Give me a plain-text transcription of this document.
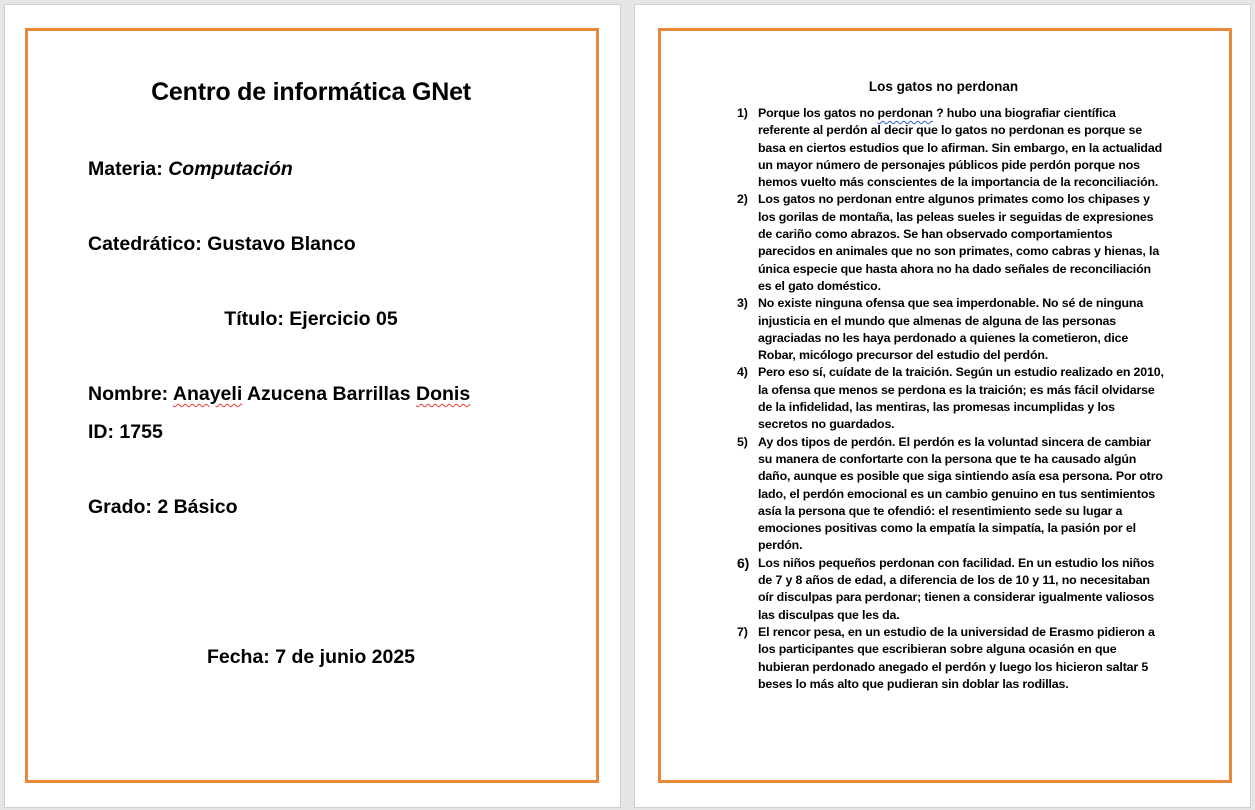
Centro de informática GNet
Materia: Computación
Catedrático: Gustavo Blanco
Título: Ejercicio 05
Nombre: Anayeli Azucena Barrillas Donis
ID: 1755
Grado: 2 Básico
Fecha: 7 de junio 2025
Los gatos no perdonan
1) Porque los gatos no perdonan ? hubo una biografiar científica referente al perdón al decir que lo gatos no perdonan es porque se basa en ciertos estudios que lo afirman. Sin embargo, en la actualidad un mayor número de personajes públicos pide perdón porque nos hemos vuelto más conscientes de la importancia de la reconciliación.
2) Los gatos no perdonan entre algunos primates como los chipases y los gorilas de montaña, las peleas sueles ir seguidas de expresiones de cariño como abrazos. Se han observado comportamientos parecidos en animales que no son primates, como cabras y hienas, la única especie que hasta ahora no ha dado señales de reconciliación es el gato doméstico.
3) No existe ninguna ofensa que sea imperdonable. No sé de ninguna injusticia en el mundo que almenas de alguna de las personas agraciadas no les haya perdonado a quienes la cometieron, dice Robar, micólogo precursor del estudio del perdón.
4) Pero eso sí, cuídate de la traición. Según un estudio realizado en 2010, la ofensa que menos se perdona es la traición; es más fácil olvidarse de la infidelidad, las mentiras, las promesas incumplidas y los secretos no guardados.
5) Ay dos tipos de perdón. El perdón es la voluntad sincera de cambiar su manera de confortarte con la persona que te ha causado algún daño, aunque es posible que siga sintiendo asía esa persona. Por otro lado, el perdón emocional es un cambio genuino en tus sentimientos asía la persona que te ofendió: el resentimiento sede su lugar a emociones positivas como la empatía la simpatía, la pasión por el perdón.
6) Los niños pequeños perdonan con facilidad. En un estudio los niños de 7 y 8 años de edad, a diferencia de los de 10 y 11, no necesitaban oír disculpas para perdonar; tienen a considerar igualmente valiosos las disculpas que les da.
7) El rencor pesa, en un estudio de la universidad de Erasmo pidieron a los participantes que escribieran sobre alguna ocasión en que hubieran perdonado anegado el perdón y luego los hicieron saltar 5 beses lo más alto que pudieran sin doblar las rodillas.
